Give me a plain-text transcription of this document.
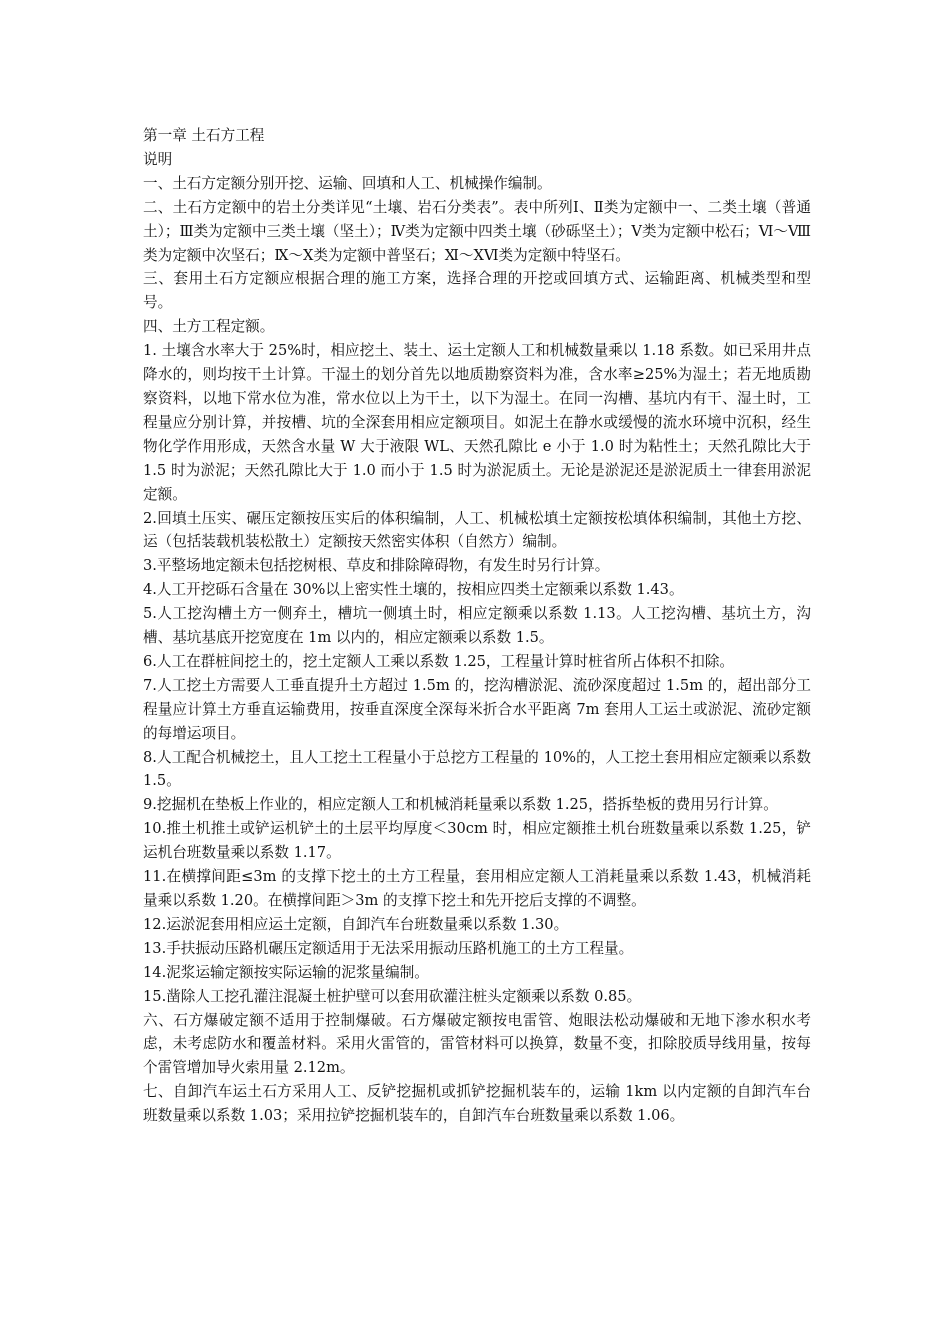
第一章 土石方工程

说明

一、土石方定额分别开挖、运输、回填和人工、机械操作编制。

二、土石方定额中的岩土分类详见“土壤、岩石分类表”。表中所列Ⅰ、Ⅱ类为定额中一、二类土壤（普通土）；Ⅲ类为定额中三类土壤（坚土）；Ⅳ类为定额中四类土壤（砂砾坚土）；Ⅴ类为定额中松石；Ⅵ～Ⅷ类为定额中次坚石；Ⅸ～Ⅹ类为定额中普坚石；Ⅺ～ⅩⅥ类为定额中特坚石。

三、套用土石方定额应根据合理的施工方案，选择合理的开挖或回填方式、运输距离、机械类型和型号。

四、土方工程定额。

1. 土壤含水率大于 25%时，相应挖土、装土、运土定额人工和机械数量乘以 1.18 系数。如已采用井点降水的，则均按干土计算。干湿土的划分首先以地质勘察资料为准，含水率≥25%为湿土；若无地质勘察资料，以地下常水位为准，常水位以上为干土，以下为湿土。在同一沟槽、基坑内有干、湿土时，工程量应分别计算，并按槽、坑的全深套用相应定额项目。如泥土在静水或缓慢的流水环境中沉积，经生物化学作用形成，天然含水量 W 大于液限 WL、天然孔隙比 e 小于 1.0 时为粘性土；天然孔隙比大于 1.5 时为淤泥；天然孔隙比大于 1.0 而小于 1.5 时为淤泥质土。无论是淤泥还是淤泥质土一律套用淤泥定额。

2.回填土压实、碾压定额按压实后的体积编制，人工、机械松填土定额按松填体积编制，其他土方挖、运（包括装载机装松散土）定额按天然密实体积（自然方）编制。

3.平整场地定额未包括挖树根、草皮和排除障碍物，有发生时另行计算。

4.人工开挖砾石含量在 30%以上密实性土壤的，按相应四类土定额乘以系数 1.43。

5.人工挖沟槽土方一侧弃土，槽坑一侧填土时，相应定额乘以系数 1.13。人工挖沟槽、基坑土方，沟槽、基坑基底开挖宽度在 1m 以内的，相应定额乘以系数 1.5。

6.人工在群桩间挖土的，挖土定额人工乘以系数 1.25，工程量计算时桩省所占体积不扣除。

7.人工挖土方需要人工垂直提升土方超过 1.5m 的，挖沟槽淤泥、流砂深度超过 1.5m 的，超出部分工程量应计算土方垂直运输费用，按垂直深度全深每米折合水平距离 7m 套用人工运土或淤泥、流砂定额的每增运项目。

8.人工配合机械挖土，且人工挖土工程量小于总挖方工程量的 10%的，人工挖土套用相应定额乘以系数 1.5。

9.挖掘机在垫板上作业的，相应定额人工和机械消耗量乘以系数 1.25，搭拆垫板的费用另行计算。

10.推土机推土或铲运机铲土的土层平均厚度＜30cm 时，相应定额推土机台班数量乘以系数 1.25，铲运机台班数量乘以系数 1.17。

11.在横撑间距≤3m 的支撑下挖土的土方工程量，套用相应定额人工消耗量乘以系数 1.43，机械消耗量乘以系数 1.20。在横撑间距＞3m 的支撑下挖土和先开挖后支撑的不调整。

12.运淤泥套用相应运土定额，自卸汽车台班数量乘以系数 1.30。

13.手扶振动压路机碾压定额适用于无法采用振动压路机施工的土方工程量。

14.泥浆运输定额按实际运输的泥浆量编制。

15.凿除人工挖孔灌注混凝土桩护壁可以套用砍灌注桩头定额乘以系数 0.85。

六、石方爆破定额不适用于控制爆破。石方爆破定额按电雷管、炮眼法松动爆破和无地下渗水积水考虑，未考虑防水和覆盖材料。采用火雷管的，雷管材料可以换算，数量不变，扣除胶质导线用量，按每个雷管增加导火索用量 2.12m。

七、自卸汽车运土石方采用人工、反铲挖掘机或抓铲挖掘机装车的，运输 1km 以内定额的自卸汽车台班数量乘以系数 1.03；采用拉铲挖掘机装车的，自卸汽车台班数量乘以系数 1.06。
